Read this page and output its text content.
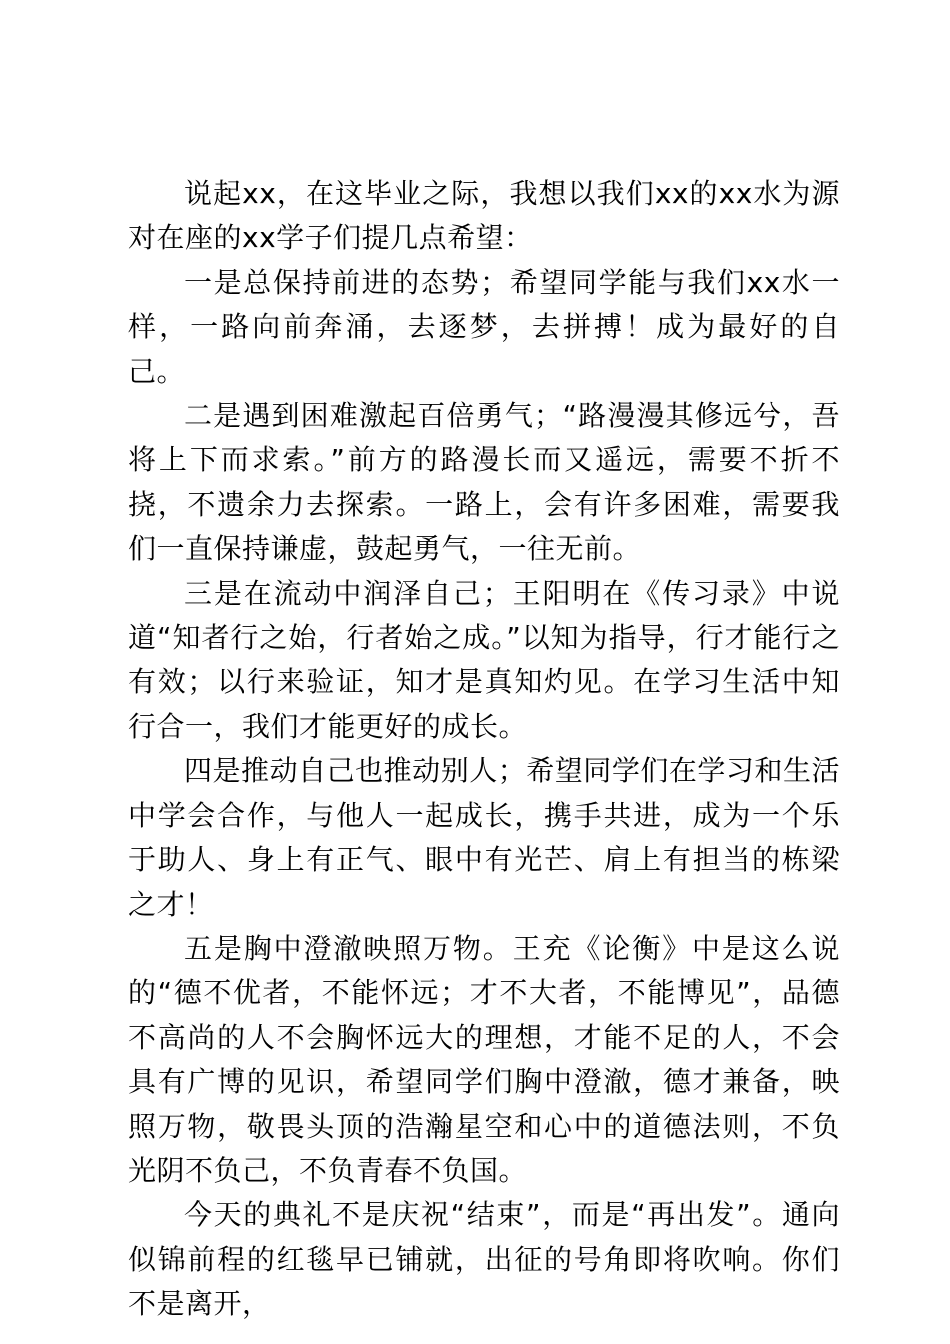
说起xx，在这毕业之际，我想以我们xx的xx水为源对在座的xx学子们提几点希望：

一是总保持前进的态势；希望同学能与我们xx水一样，一路向前奔涌，去逐梦，去拼搏！成为最好的自己。

二是遇到困难激起百倍勇气；“路漫漫其修远兮，吾将上下而求索。”前方的路漫长而又遥远，需要不折不挠，不遗余力去探索。一路上，会有许多困难，需要我们一直保持谦虚，鼓起勇气，一往无前。

三是在流动中润泽自己；王阳明在《传习录》中说道“知者行之始，行者始之成。”以知为指导，行才能行之有效；以行来验证，知才是真知灼见。在学习生活中知行合一，我们才能更好的成长。

四是推动自己也推动别人；希望同学们在学习和生活中学会合作，与他人一起成长，携手共进，成为一个乐于助人、身上有正气、眼中有光芒、肩上有担当的栋梁之才！

五是胸中澄澈映照万物。王充《论衡》中是这么说的“德不优者，不能怀远；才不大者，不能博见”，品德不高尚的人不会胸怀远大的理想，才能不足的人，不会具有广博的见识，希望同学们胸中澄澈，德才兼备，映照万物，敬畏头顶的浩瀚星空和心中的道德法则，不负光阴不负己，不负青春不负国。

今天的典礼不是庆祝“结束”，而是“再出发”。通向似锦前程的红毯早已铺就，出征的号角即将吹响。你们不是离开，
